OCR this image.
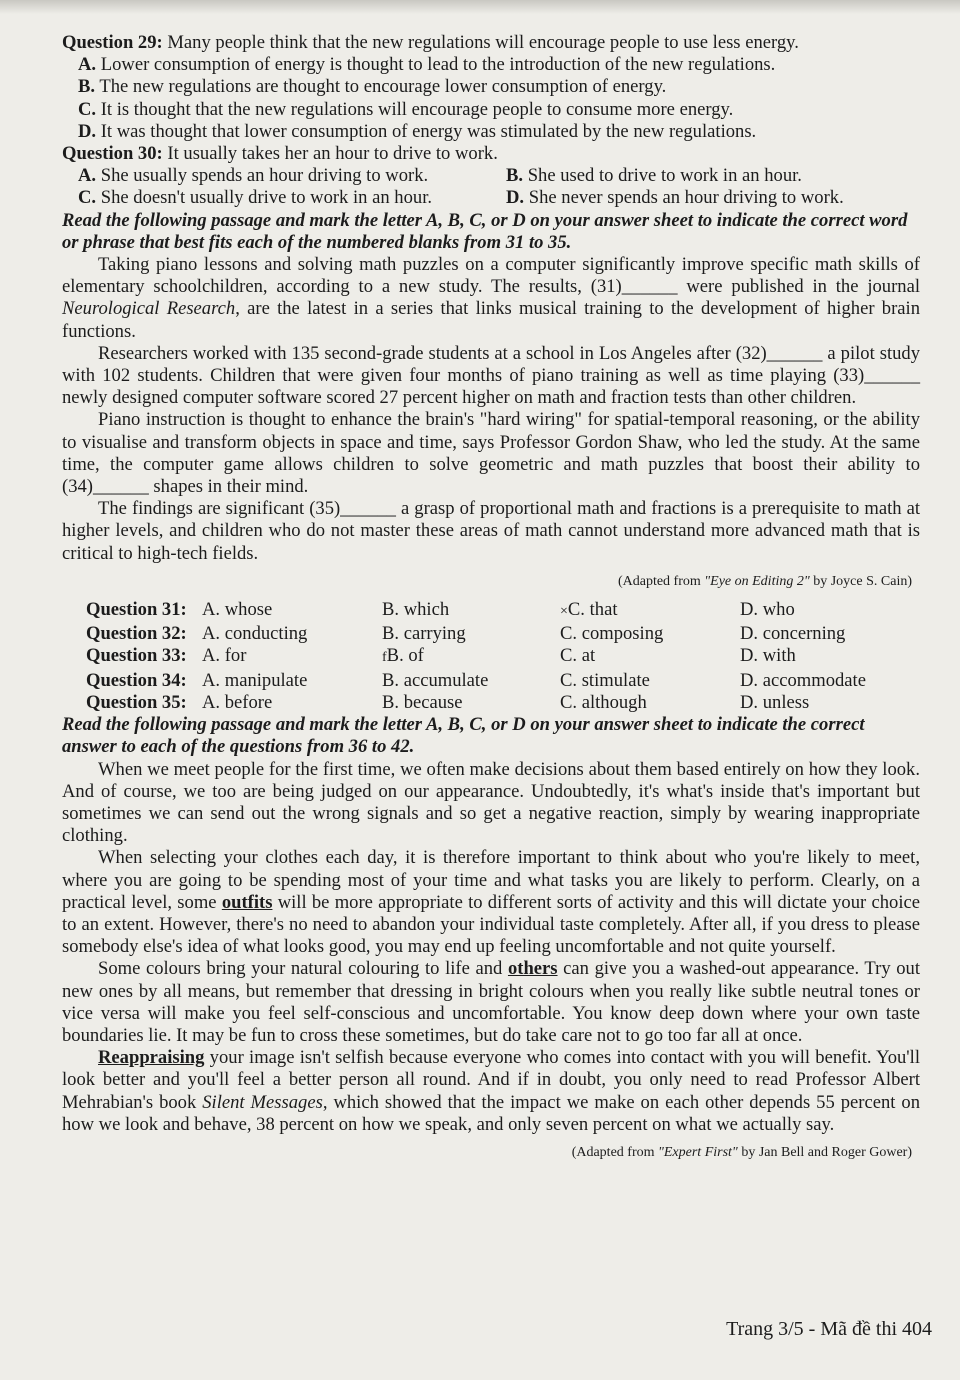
Question 29: Many people think that the new regulations will encourage people to use less energy.

A. Lower consumption of energy is thought to lead to the introduction of the new regulations.

B. The new regulations are thought to encourage lower consumption of energy.

C. It is thought that the new regulations will encourage people to consume more energy.

D. It was thought that lower consumption of energy was stimulated by the new regulations.

Question 30: It usually takes her an hour to drive to work.

A. She usually spends an hour driving to work.	B. She used to drive to work in an hour.
C. She doesn't usually drive to work in an hour.	D. She never spends an hour driving to work.

Read the following passage and mark the letter A, B, C, or D on your answer sheet to indicate the correct word or phrase that best fits each of the numbered blanks from 31 to 35.

Taking piano lessons and solving math puzzles on a computer significantly improve specific math skills of elementary schoolchildren, according to a new study. The results, (31)______ were published in the journal Neurological Research, are the latest in a series that links musical training to the development of higher brain functions.

Researchers worked with 135 second-grade students at a school in Los Angeles after (32)______ a pilot study with 102 students. Children that were given four months of piano training as well as time playing (33)______ newly designed computer software scored 27 percent higher on math and fraction tests than other children.

Piano instruction is thought to enhance the brain's "hard wiring" for spatial-temporal reasoning, or the ability to visualise and transform objects in space and time, says Professor Gordon Shaw, who led the study. At the same time, the computer game allows children to solve geometric and math puzzles that boost their ability to (34)______ shapes in their mind.

The findings are significant (35)______ a grasp of proportional math and fractions is a prerequisite to math at higher levels, and children who do not master these areas of math cannot understand more advanced math that is critical to high-tech fields.

(Adapted from "Eye on Editing 2" by Joyce S. Cain)

Question 31:	A. whose	B. which	×C. that	D. who
Question 32:	A. conducting	B. carrying	C. composing	D. concerning
Question 33:	A. for	fB. of	C. at	D. with
Question 34:	A. manipulate	B. accumulate	C. stimulate	D. accommodate
Question 35:	A. before	B. because	C. although	D. unless

Read the following passage and mark the letter A, B, C, or D on your answer sheet to indicate the correct answer to each of the questions from 36 to 42.

When we meet people for the first time, we often make decisions about them based entirely on how they look. And of course, we too are being judged on our appearance. Undoubtedly, it's what's inside that's important but sometimes we can send out the wrong signals and so get a negative reaction, simply by wearing inappropriate clothing.

When selecting your clothes each day, it is therefore important to think about who you're likely to meet, where you are going to be spending most of your time and what tasks you are likely to perform. Clearly, on a practical level, some outfits will be more appropriate to different sorts of activity and this will dictate your choice to an extent. However, there's no need to abandon your individual taste completely. After all, if you dress to please somebody else's idea of what looks good, you may end up feeling uncomfortable and not quite yourself.

Some colours bring your natural colouring to life and others can give you a washed-out appearance. Try out new ones by all means, but remember that dressing in bright colours when you really like subtle neutral tones or vice versa will make you feel self-conscious and uncomfortable. You know deep down where your own taste boundaries lie. It may be fun to cross these sometimes, but do take care not to go too far all at once.

Reappraising your image isn't selfish because everyone who comes into contact with you will benefit. You'll look better and you'll feel a better person all round. And if in doubt, you only need to read Professor Albert Mehrabian's book Silent Messages, which showed that the impact we make on each other depends 55 percent on how we look and behave, 38 percent on how we speak, and only seven percent on what we actually say.

(Adapted from "Expert First" by Jan Bell and Roger Gower)

Trang 3/5 - Mã đề thi 404
